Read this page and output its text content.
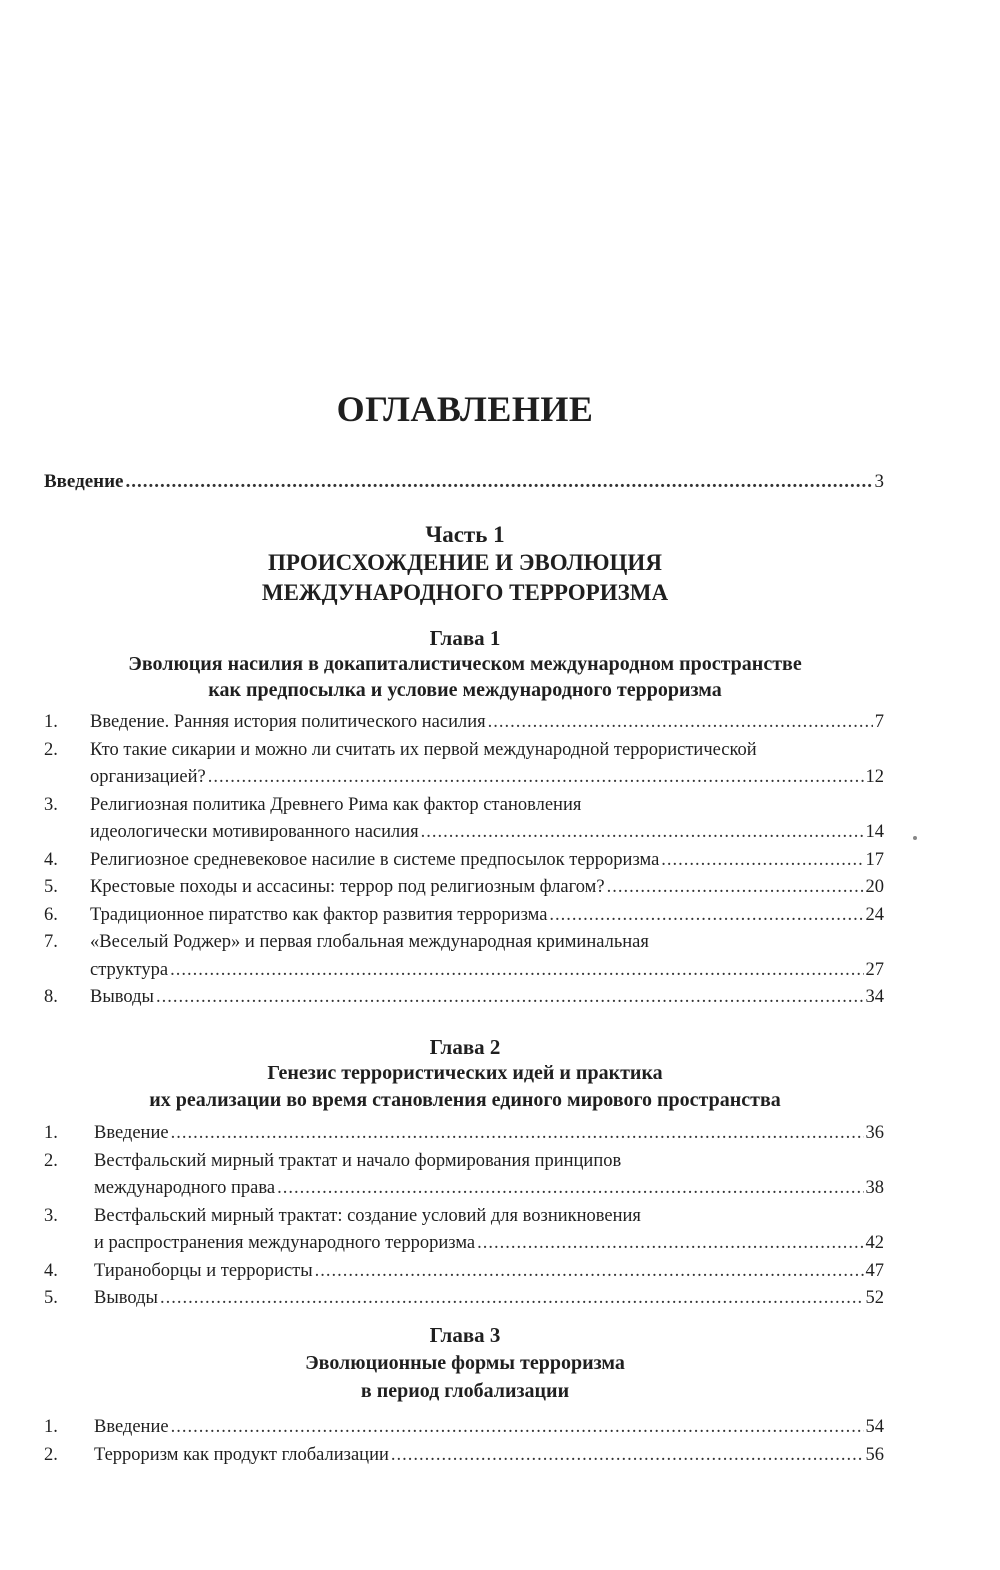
ОГЛАВЛЕНИЕ
Введение .....	3
Часть 1
ПРОИСХОЖДЕНИЕ И ЭВОЛЮЦИЯ
МЕЖДУНАРОДНОГО ТЕРРОРИЗМА
Глава 1
Эволюция насилия в докапиталистическом международном пространстве
как предпосылка и условие международного терроризма
1. Введение. Ранняя история политического насилия .....	7
2. Кто такие сикарии и можно ли считать их первой международной террористической
организацией? .....	12
3. Религиозная политика Древнего Рима как фактор становления
идеологически мотивированного насилия .....	14
4. Религиозное средневековое насилие в системе предпосылок терроризма .....	17
5. Крестовые походы и ассасины: террор под религиозным флагом? .....	20
6. Традиционное пиратство как фактор развития терроризма .....	24
7. «Веселый Роджер» и первая глобальная международная криминальная
структура .....	27
8. Выводы .....	34
Глава 2
Генезис террористических идей и практика
их реализации во время становления единого мирового пространства
1. Введение .....	36
2. Вестфальский мирный трактат и начало формирования принципов
международного права .....	38
3. Вестфальский мирный трактат: создание условий для возникновения
и распространения международного терроризма .....	42
4. Тираноборцы и террористы .....	47
5. Выводы .....	52
Глава 3
Эволюционные формы терроризма
в период глобализации
1. Введение .....	54
2. Терроризм как продукт глобализации .....	56
